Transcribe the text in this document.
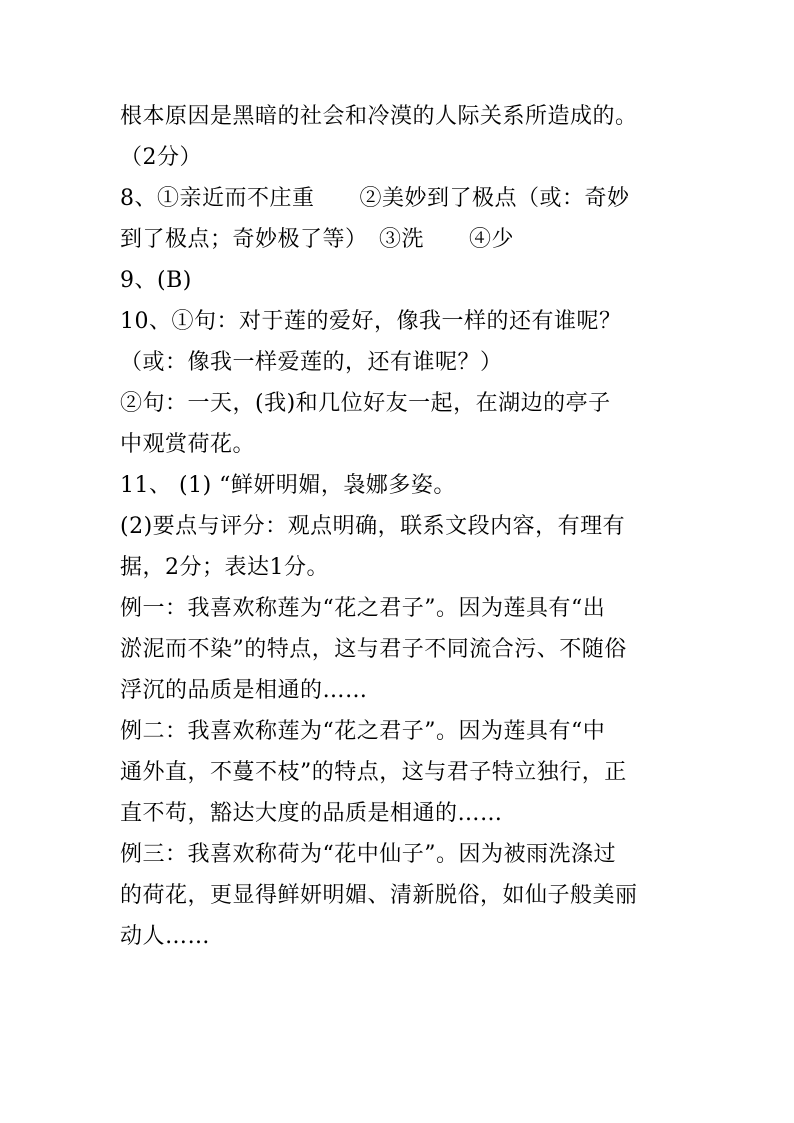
根本原因是黑暗的社会和冷漠的人际关系所造成的。
（2分）
8、①亲近而不庄重　　②美妙到了极点（或：奇妙
到了极点；奇妙极了等）　③洗　　④少
9、(B)
10、①句：对于莲的爱好，像我一样的还有谁呢？
（或：像我一样爱莲的，还有谁呢？）
②句：一天，(我)和几位好友一起，在湖边的亭子
中观赏荷花。
11、 (1) “鲜妍明媚，袅娜多姿。
(2)要点与评分：观点明确，联系文段内容，有理有
据，2分；表达1分。
例一：我喜欢称莲为“花之君子”。因为莲具有“出
淤泥而不染”的特点，这与君子不同流合污、不随俗
浮沉的品质是相通的……
例二：我喜欢称莲为“花之君子”。因为莲具有“中
通外直，不蔓不枝”的特点，这与君子特立独行，正
直不苟，豁达大度的品质是相通的……
例三：我喜欢称荷为“花中仙子”。因为被雨洗涤过
的荷花，更显得鲜妍明媚、清新脱俗，如仙子般美丽
动人……
